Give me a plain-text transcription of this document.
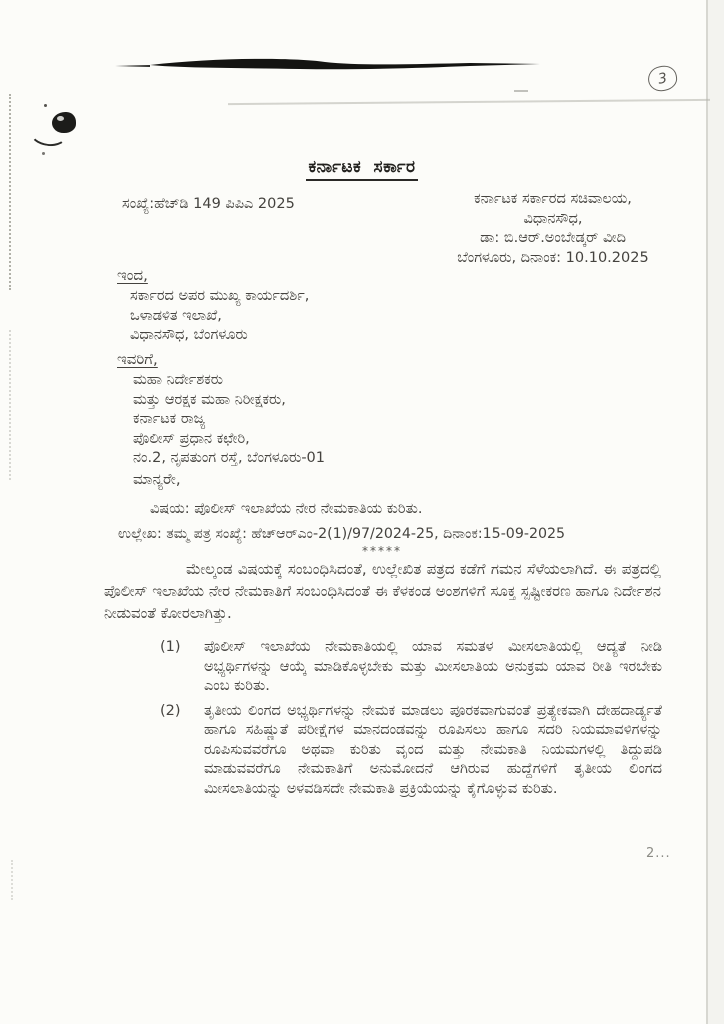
3
ಕರ್ನಾಟಕ ಸರ್ಕಾರ
ಸಂಖ್ಯೆ:ಹೆಚ್‌ಡಿ 149 ಪಿಪಿಎ 2025	ಕರ್ನಾಟಕ ಸರ್ಕಾರದ ಸಚಿವಾಲಯ,
ವಿಧಾನಸೌಧ,
ಡಾ: ಬಿ.ಆರ್.ಅಂಬೇಡ್ಕರ್ ವೀದಿ
ಬೆಂಗಳೂರು, ದಿನಾಂಕ: 10.10.2025
ಇಂದ,
ಸರ್ಕಾರದ ಅಪರ ಮುಖ್ಯ ಕಾರ್ಯದರ್ಶಿ,
ಒಳಾಡಳಿತ ಇಲಾಖೆ,
ವಿಧಾನಸೌಧ, ಬೆಂಗಳೂರು
ಇವರಿಗೆ,
ಮಹಾ ನಿರ್ದೇಶಕರು
ಮತ್ತು ಆರಕ್ಷಕ ಮಹಾ ನಿರೀಕ್ಷಕರು,
ಕರ್ನಾಟಕ ರಾಜ್ಯ
ಪೊಲೀಸ್ ಪ್ರಧಾನ ಕಛೇರಿ,
ನಂ.2, ನೃಪತುಂಗ ರಸ್ತೆ, ಬೆಂಗಳೂರು-01
ಮಾನ್ಯರೇ,
ವಿಷಯ: ಪೊಲೀಸ್ ಇಲಾಖೆಯ ನೇರ ನೇಮಕಾತಿಯ ಕುರಿತು.
ಉಲ್ಲೇಖ: ತಮ್ಮ ಪತ್ರ ಸಂಖ್ಯೆ: ಹೆಚ್‌ಆರ್‌ಎಂ-2(1)/97/2024-25, ದಿನಾಂಕ:15-09-2025
*****
ಮೇಲ್ಕಂಡ ವಿಷಯಕ್ಕೆ ಸಂಬಂಧಿಸಿದಂತೆ, ಉಲ್ಲೇಖಿತ ಪತ್ರದ ಕಡೆಗೆ ಗಮನ ಸೆಳೆಯಲಾಗಿದೆ. ಈ ಪತ್ರದಲ್ಲಿ ಪೊಲೀಸ್ ಇಲಾಖೆಯ ನೇರ ನೇಮಕಾತಿಗೆ ಸಂಬಂಧಿಸಿದಂತೆ ಈ ಕೆಳಕಂಡ ಅಂಶಗಳಿಗೆ ಸೂಕ್ತ ಸ್ಪಷ್ಟೀಕರಣ ಹಾಗೂ ನಿರ್ದೇಶನ ನೀಡುವಂತೆ ಕೋರಲಾಗಿತ್ತು.
(1)	ಪೊಲೀಸ್ ಇಲಾಖೆಯ ನೇಮಕಾತಿಯಲ್ಲಿ ಯಾವ ಸಮತಳ ಮೀಸಲಾತಿಯಲ್ಲಿ ಆದ್ಯತೆ ನೀಡಿ ಅಭ್ಯರ್ಥಿಗಳನ್ನು ಆಯ್ಕೆ ಮಾಡಿಕೊಳ್ಳಬೇಕು ಮತ್ತು ಮೀಸಲಾತಿಯ ಅನುಕ್ರಮ ಯಾವ ರೀತಿ ಇರಬೇಕು ಎಂಬ ಕುರಿತು.
(2)	ತೃತೀಯ ಲಿಂಗದ ಅಭ್ಯರ್ಥಿಗಳನ್ನು ನೇಮಕ ಮಾಡಲು ಪೂರಕವಾಗುವಂತೆ ಪ್ರತ್ಯೇಕವಾಗಿ ದೇಹದಾರ್ಡ್ಯತೆ ಹಾಗೂ ಸಹಿಷ್ಣುತೆ ಪರೀಕ್ಷೆಗಳ ಮಾನದಂಡವನ್ನು ರೂಪಿಸಲು ಹಾಗೂ ಸದರಿ ನಿಯಮಾವಳಿಗಳನ್ನು ರೂಪಿಸುವವರೆಗೂ ಅಥವಾ ಕುರಿತು ವೃಂದ ಮತ್ತು ನೇಮಕಾತಿ ನಿಯಮಗಳಲ್ಲಿ ತಿದ್ದುಪಡಿ ಮಾಡುವವರೆಗೂ ನೇಮಕಾತಿಗೆ ಅನುಮೋದನೆ ಆಗಿರುವ ಹುದ್ದೆಗಳಿಗೆ ತೃತೀಯ ಲಿಂಗದ ಮೀಸಲಾತಿಯನ್ನು ಅಳವಡಿಸದೇ ನೇಮಕಾತಿ ಪ್ರಕ್ರಿಯೆಯನ್ನು ಕೈಗೊಳ್ಳುವ ಕುರಿತು.
2...
